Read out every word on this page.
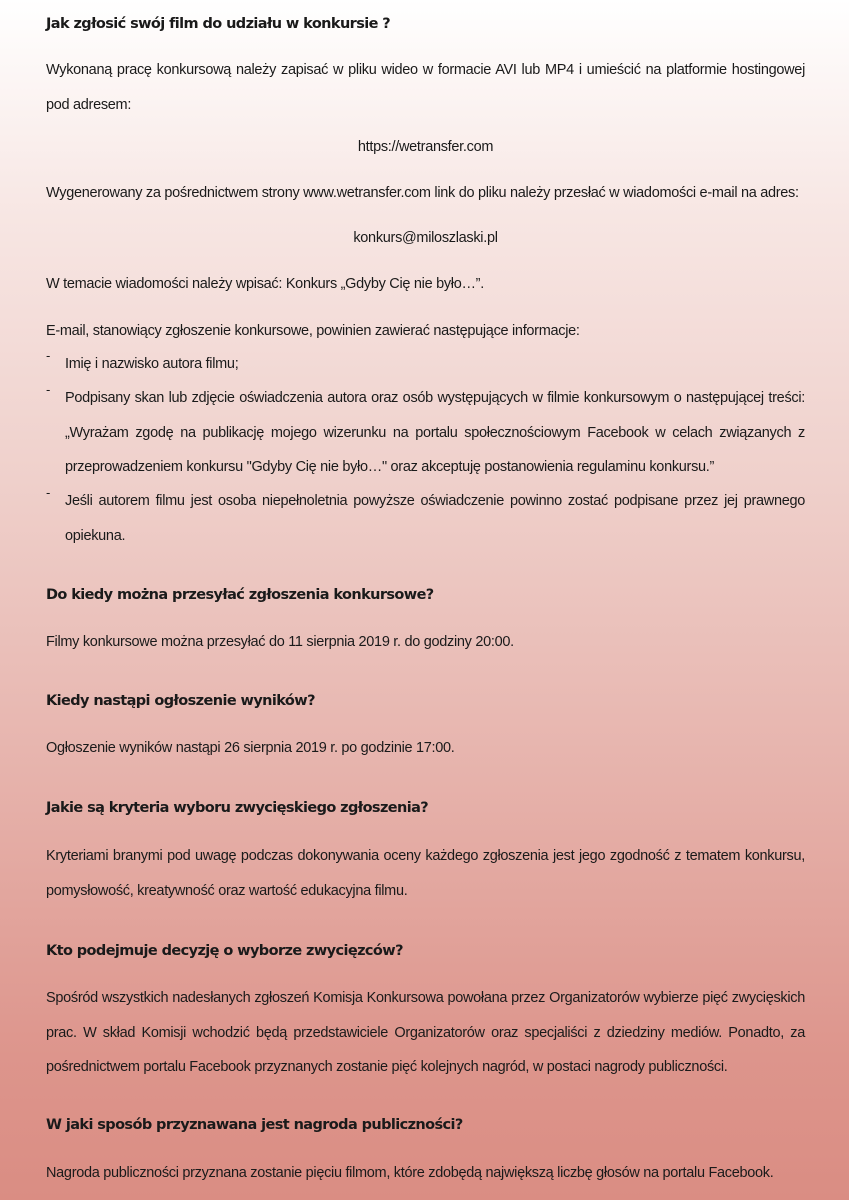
Jak zgłosić swój film do udziału w konkursie ?

Wykonaną pracę konkursową należy zapisać w pliku wideo w formacie AVI lub MP4 i umieścić na platformie hostingowej pod adresem:

https://wetransfer.com

Wygenerowany za pośrednictwem strony www.wetransfer.com link do pliku należy przesłać w wiadomości e-mail na adres:

konkurs@miloszlaski.pl

W temacie wiadomości należy wpisać: Konkurs „Gdyby Cię nie było…”.

E-mail, stanowiący zgłoszenie konkursowe, powinien zawierać następujące informacje:

-
Imię i nazwisko autora filmu;
-
Podpisany skan lub zdjęcie oświadczenia autora oraz osób występujących w filmie konkursowym o następującej treści: „Wyrażam zgodę na publikację mojego wizerunku na portalu społecznościowym Facebook w celach związanych z przeprowadzeniem konkursu "Gdyby Cię nie było…" oraz akceptuję postanowienia regulaminu konkursu.”
-
Jeśli autorem filmu jest osoba niepełnoletnia powyższe oświadczenie powinno zostać podpisane przez jej prawnego opiekuna.
Do kiedy można przesyłać zgłoszenia konkursowe?

Filmy konkursowe można przesyłać do 11 sierpnia 2019 r. do godziny 20:00.

Kiedy nastąpi ogłoszenie wyników?

Ogłoszenie wyników nastąpi 26 sierpnia 2019 r. po godzinie 17:00.

Jakie są kryteria wyboru zwycięskiego zgłoszenia?

Kryteriami branymi pod uwagę podczas dokonywania oceny każdego zgłoszenia jest jego zgodność z tematem konkursu, pomysłowość, kreatywność oraz wartość edukacyjna filmu.

Kto podejmuje decyzję o wyborze zwycięzców?

Spośród wszystkich nadesłanych zgłoszeń Komisja Konkursowa powołana przez Organizatorów wybierze pięć zwycięskich prac. W skład Komisji wchodzić będą przedstawiciele Organizatorów oraz specjaliści z dziedziny mediów. Ponadto, za pośrednictwem portalu Facebook przyznanych zostanie pięć kolejnych nagród, w postaci nagrody publiczności.

W jaki sposób przyznawana jest nagroda publiczności?

Nagroda publiczności przyznana zostanie pięciu filmom, które zdobędą największą liczbę głosów na portalu Facebook.
